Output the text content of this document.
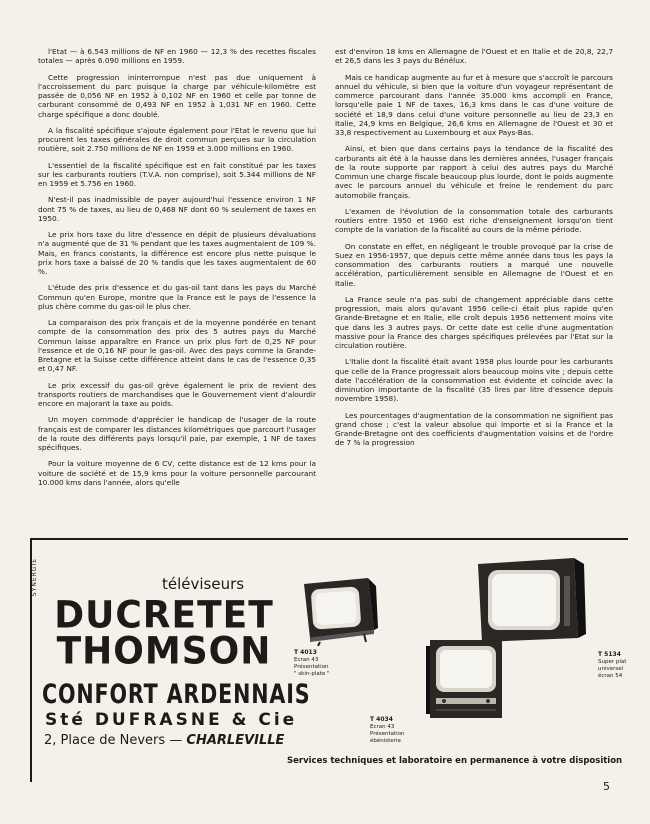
l'Etat — à 6.543 millions de NF en 1960 — 12,3 % des recettes fiscales totales — après 6.090 millions en 1959.

Cette progression ininterrompue n'est pas due uniquement à l'accroissement du parc puisque la charge par véhicule-kilomètre est passée de 0,056 NF en 1952 à 0,102 NF en 1960 et celle par tonne de carburant consommé de 0,493 NF en 1952 à 1,031 NF en 1960. Cette charge spécifique a donc doublé.

A la fiscalité spécifique s'ajoute également pour l'Etat le revenu que lui procurent les taxes générales de droit commun perçues sur la circulation routière, soit 2.750 millions de NF en 1959 et 3.000 millions en 1960.

L'essentiel de la fiscalité spécifique est en fait constitué par les taxes sur les carburants routiers (T.V.A. non comprise), soit 5.344 millions de NF en 1959 et 5.756 en 1960.

N'est-il pas inadmissible de payer aujourd'hui l'essence environ 1 NF dont 75 % de taxes, au lieu de 0,468 NF dont 60 % seulement de taxes en 1950.

Le prix hors taxe du litre d'essence en dépit de plusieurs dévaluations n'a augmenté que de 31 % pendant que les taxes augmentaient de 109 %. Mais, en francs constants, la différence est encore plus nette puisque le prix hors taxe a baissé de 20 % tandis que les taxes augmentaient de 60 %.

L'étude des prix d'essence et du gas-oil tant dans les pays du Marché Commun qu'en Europe, montre que la France est le pays de l'essence la plus chère comme du gas-oil le plus cher.

La comparaison des prix français et de la moyenne pondérée en tenant compte de la consommation des prix des 5 autres pays du Marché Commun laisse apparaître en France un prix plus fort de 0,25 NF pour l'essence et de 0,16 NF pour le gas-oil. Avec des pays comme la Grande-Bretagne et la Suisse cette différence atteint dans le cas de l'essence 0,35 et 0,47 NF.

Le prix excessif du gas-oil grève également le prix de revient des transports routiers de marchandises que le Gouvernement vient d'alourdir encore en majorant la taxe au poids.

Un moyen commode d'apprécier le handicap de l'usager de la route français est de comparer les distances kilométriques que parcourt l'usager de la route des différents pays lorsqu'il paie, par exemple, 1 NF de taxes spécifiques.

Pour la voiture moyenne de 6 CV, cette distance est de 12 kms pour la voiture de société et de 15,9 kms pour la voiture personnelle parcourant 10.000 kms dans l'année, alors qu'elle

est d'environ 18 kms en Allemagne de l'Ouest et en Italie et de 20,8, 22,7 et 26,5 dans les 3 pays du Bénélux.

Mais ce handicap augmente au fur et à mesure que s'accroît le parcours annuel du véhicule, si bien que la voiture d'un voyageur représentant de commerce parcourant dans l'année 35.000 kms accompli en France, lorsqu'elle paie 1 NF de taxes, 16,3 kms dans le cas d'une voiture de société et 18,9 dans celui d'une voiture personnelle au lieu de 23,3 en Italie, 24,9 kms en Belgique, 26,6 kms en Allemagne de l'Ouest et 30 et 33,8 respectivement au Luxembourg et aux Pays-Bas.

Ainsi, et bien que dans certains pays la tendance de la fiscalité des carburants ait été à la hausse dans les dernières années, l'usager français de la route supporte par rapport à celui des autres pays du Marché Commun une charge fiscale beaucoup plus lourde, dont le poids augmente avec le parcours annuel du véhicule et freine le rendement du parc automobile français.

L'examen de l'évolution de la consommation totale des carburants routiers entre 1950 et 1960 est riche d'enseignement lorsqu'on tient compte de la variation de la fiscalité au cours de la même période.

On constate en effet, en négligeant le trouble provoqué par la crise de Suez en 1956-1957, que depuis cette même année dans tous les pays la consommation des carburants routiers a marqué une nouvelle accélération, particulièrement sensible en Allemagne de l'Ouest et en Italie.

La France seule n'a pas subi de changement appréciable dans cette progression, mais alors qu'avant 1956 celle-ci était plus rapide qu'en Grande-Bretagne et en Italie, elle croît depuis 1956 nettement moins vite que dans les 3 autres pays. Or cette date est celle d'une augmentation massive pour la France des charges spécifiques prélevées par l'Etat sur la circulation routière.

L'Italie dont la fiscalité était avant 1958 plus lourde pour les carburants que celle de la France progressait alors beaucoup moins vite ; depuis cette date l'accélération de la consommation est évidente et coïncide avec la diminution importante de la fiscalité (35 lires par litre d'essence depuis novembre 1958).

Les pourcentages d'augmentation de la consommation ne signifient pas grand chose ; c'est la valeur absolue qui importe et si la France et la Grande-Bretagne ont des coefficients d'augmentation voisins et de l'ordre de 7 % la progression

SYNERGIE	téléviseurs
DUCRETET
THOMSON
CONFORT ARDENNAIS
Sté DUFRASNE & Cie
2, Place de Nevers — CHARLEVILLE
Services techniques et laboratoire en permanence à votre disposition
T 4013
Ecran 43
Présentation
" skin-plate "
T 4034
Ecran 43
Présentation
ébénisterie
T 5134
Super plat
universel
écran 54
5
